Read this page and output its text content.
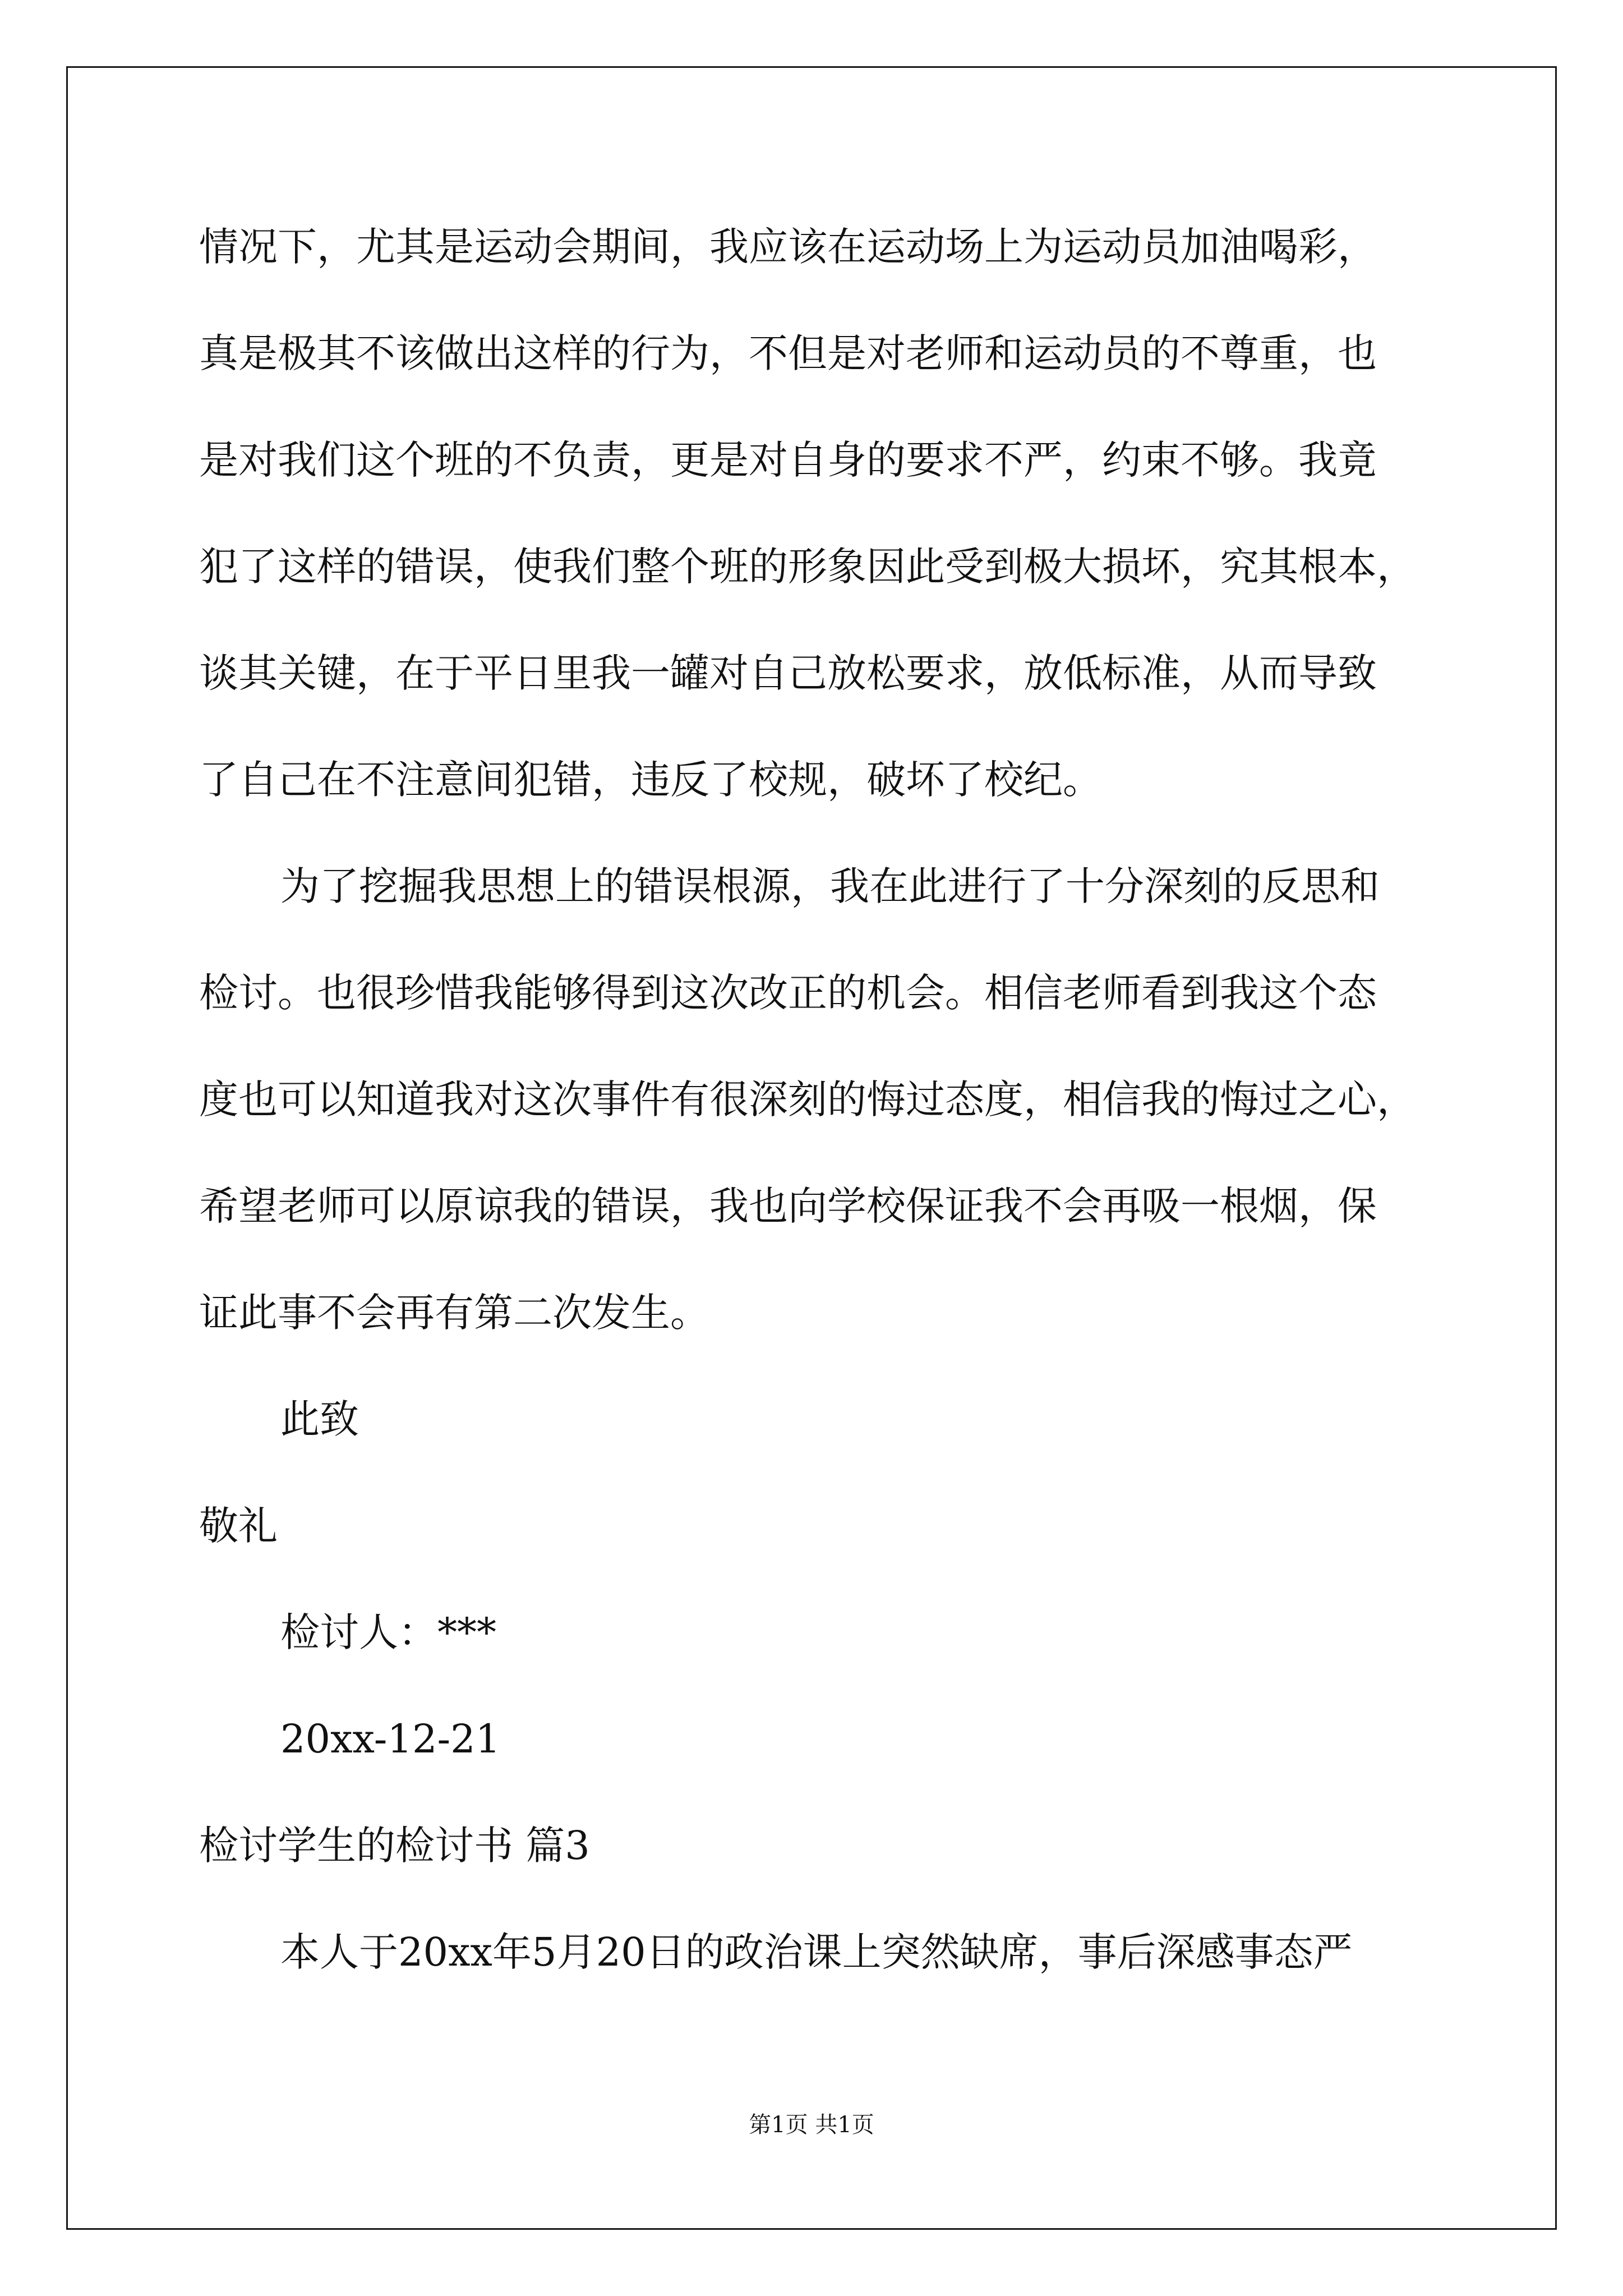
情况下，尤其是运动会期间，我应该在运动场上为运动员加油喝彩，
真是极其不该做出这样的行为，不但是对老师和运动员的不尊重，也
是对我们这个班的不负责，更是对自身的要求不严，约束不够。我竟
犯了这样的错误，使我们整个班的形象因此受到极大损坏，究其根本，
谈其关键，在于平日里我一罐对自己放松要求，放低标准，从而导致
了自己在不注意间犯错，违反了校规，破坏了校纪。
为了挖掘我思想上的错误根源，我在此进行了十分深刻的反思和
检讨。也很珍惜我能够得到这次改正的机会。相信老师看到我这个态
度也可以知道我对这次事件有很深刻的悔过态度，相信我的悔过之心，
希望老师可以原谅我的错误，我也向学校保证我不会再吸一根烟，保
证此事不会再有第二次发生。
此致
敬礼
检讨人：***
20xx-12-21
检讨学生的检讨书 篇3
本人于20xx年5月20日的政治课上突然缺席，事后深感事态严
第1页 共1页
